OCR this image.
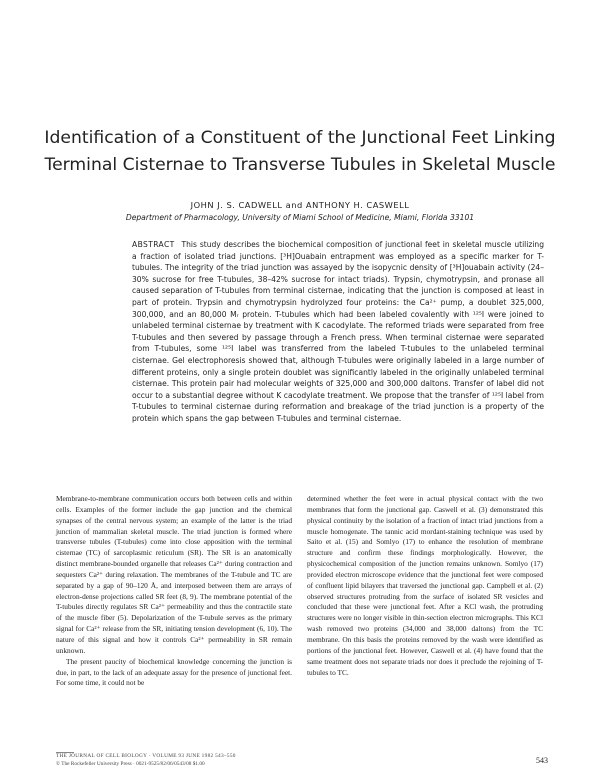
Identification of a Constituent of the Junctional Feet Linking
Terminal Cisternae to Transverse Tubules in Skeletal Muscle
JOHN J. S. CADWELL and ANTHONY H. CASWELL
Department of Pharmacology, University of Miami School of Medicine, Miami, Florida 33101

ABSTRACT This study describes the biochemical composition of junctional feet in skeletal muscle utilizing a fraction of isolated triad junctions. [³H]Ouabain entrapment was employed as a specific marker for T-tubules. The integrity of the triad junction was assayed by the isopycnic density of [³H]ouabain activity (24–30% sucrose for free T-tubules, 38–42% sucrose for intact triads). Trypsin, chymotrypsin, and pronase all caused separation of T-tubules from terminal cisternae, indicating that the junction is composed at least in part of protein. Trypsin and chymotrypsin hydrolyzed four proteins: the Ca²⁺ pump, a doublet 325,000, 300,000, and an 80,000 Mᵣ protein. T-tubules which had been labeled covalently with ¹²⁵I were joined to unlabeled terminal cisternae by treatment with K cacodylate. The reformed triads were separated from free T-tubules and then severed by passage through a French press. When terminal cisternae were separated from T-tubules, some ¹²⁵I label was transferred from the labeled T-tubules to the unlabeled terminal cisternae. Gel electrophoresis showed that, although T-tubules were originally labeled in a large number of different proteins, only a single protein doublet was significantly labeled in the originally unlabeled terminal cisternae. This protein pair had molecular weights of 325,000 and 300,000 daltons. Transfer of label did not occur to a substantial degree without K cacodylate treatment. We propose that the transfer of ¹²⁵I label from T-tubules to terminal cisternae during reformation and breakage of the triad junction is a property of the protein which spans the gap between T-tubules and terminal cisternae.

Membrane-to-membrane communication occurs both between cells and within cells. Examples of the former include the gap junction and the chemical synapses of the central nervous system; an example of the latter is the triad junction of mammalian skeletal muscle. The triad junction is formed where transverse tubules (T-tubules) come into close apposition with the terminal cisternae (TC) of sarcoplasmic reticulum (SR). The SR is an anatomically distinct membrane-bounded organelle that releases Ca²⁺ during contraction and sequesters Ca²⁺ during relaxation. The membranes of the T-tubule and TC are separated by a gap of 90–120 Å, and interposed between them are arrays of electron-dense projections called SR feet (8, 9). The membrane potential of the T-tubules directly regulates SR Ca²⁺ permeability and thus the contractile state of the muscle fiber (5). Depolarization of the T-tubule serves as the primary signal for Ca²⁺ release from the SR, initiating tension development (6, 10). The nature of this signal and how it controls Ca²⁺ permeability in SR remain unknown.

The present paucity of biochemical knowledge concerning the junction is due, in part, to the lack of an adequate assay for the presence of junctional feet. For some time, it could not be

determined whether the feet were in actual physical contact with the two membranes that form the junctional gap. Caswell et al. (3) demonstrated this physical continuity by the isolation of a fraction of intact triad junctions from a muscle homogenate. The tannic acid mordant-staining technique was used by Saito et al. (15) and Somlyo (17) to enhance the resolution of membrane structure and confirm these findings morphologically. However, the physicochemical composition of the junction remains unknown. Somlyo (17) provided electron microscope evidence that the junctional feet were composed of confluent lipid bilayers that traversed the junctional gap. Campbell et al. (2) observed structures protruding from the surface of isolated SR vesicles and concluded that these were junctional feet. After a KCl wash, the protruding structures were no longer visible in thin-section electron micrographs. This KCl wash removed two proteins (34,000 and 38,000 daltons) from the TC membrane. On this basis the proteins removed by the wash were identified as portions of the junctional feet. However, Caswell et al. (4) have found that the same treatment does not separate triads nor does it preclude the rejoining of T-tubules to TC.

THE JOURNAL OF CELL BIOLOGY · VOLUME 93 JUNE 1982 543–550
© The Rockefeller University Press · 0021-9525/82/06/0543/08 $1.00	543
